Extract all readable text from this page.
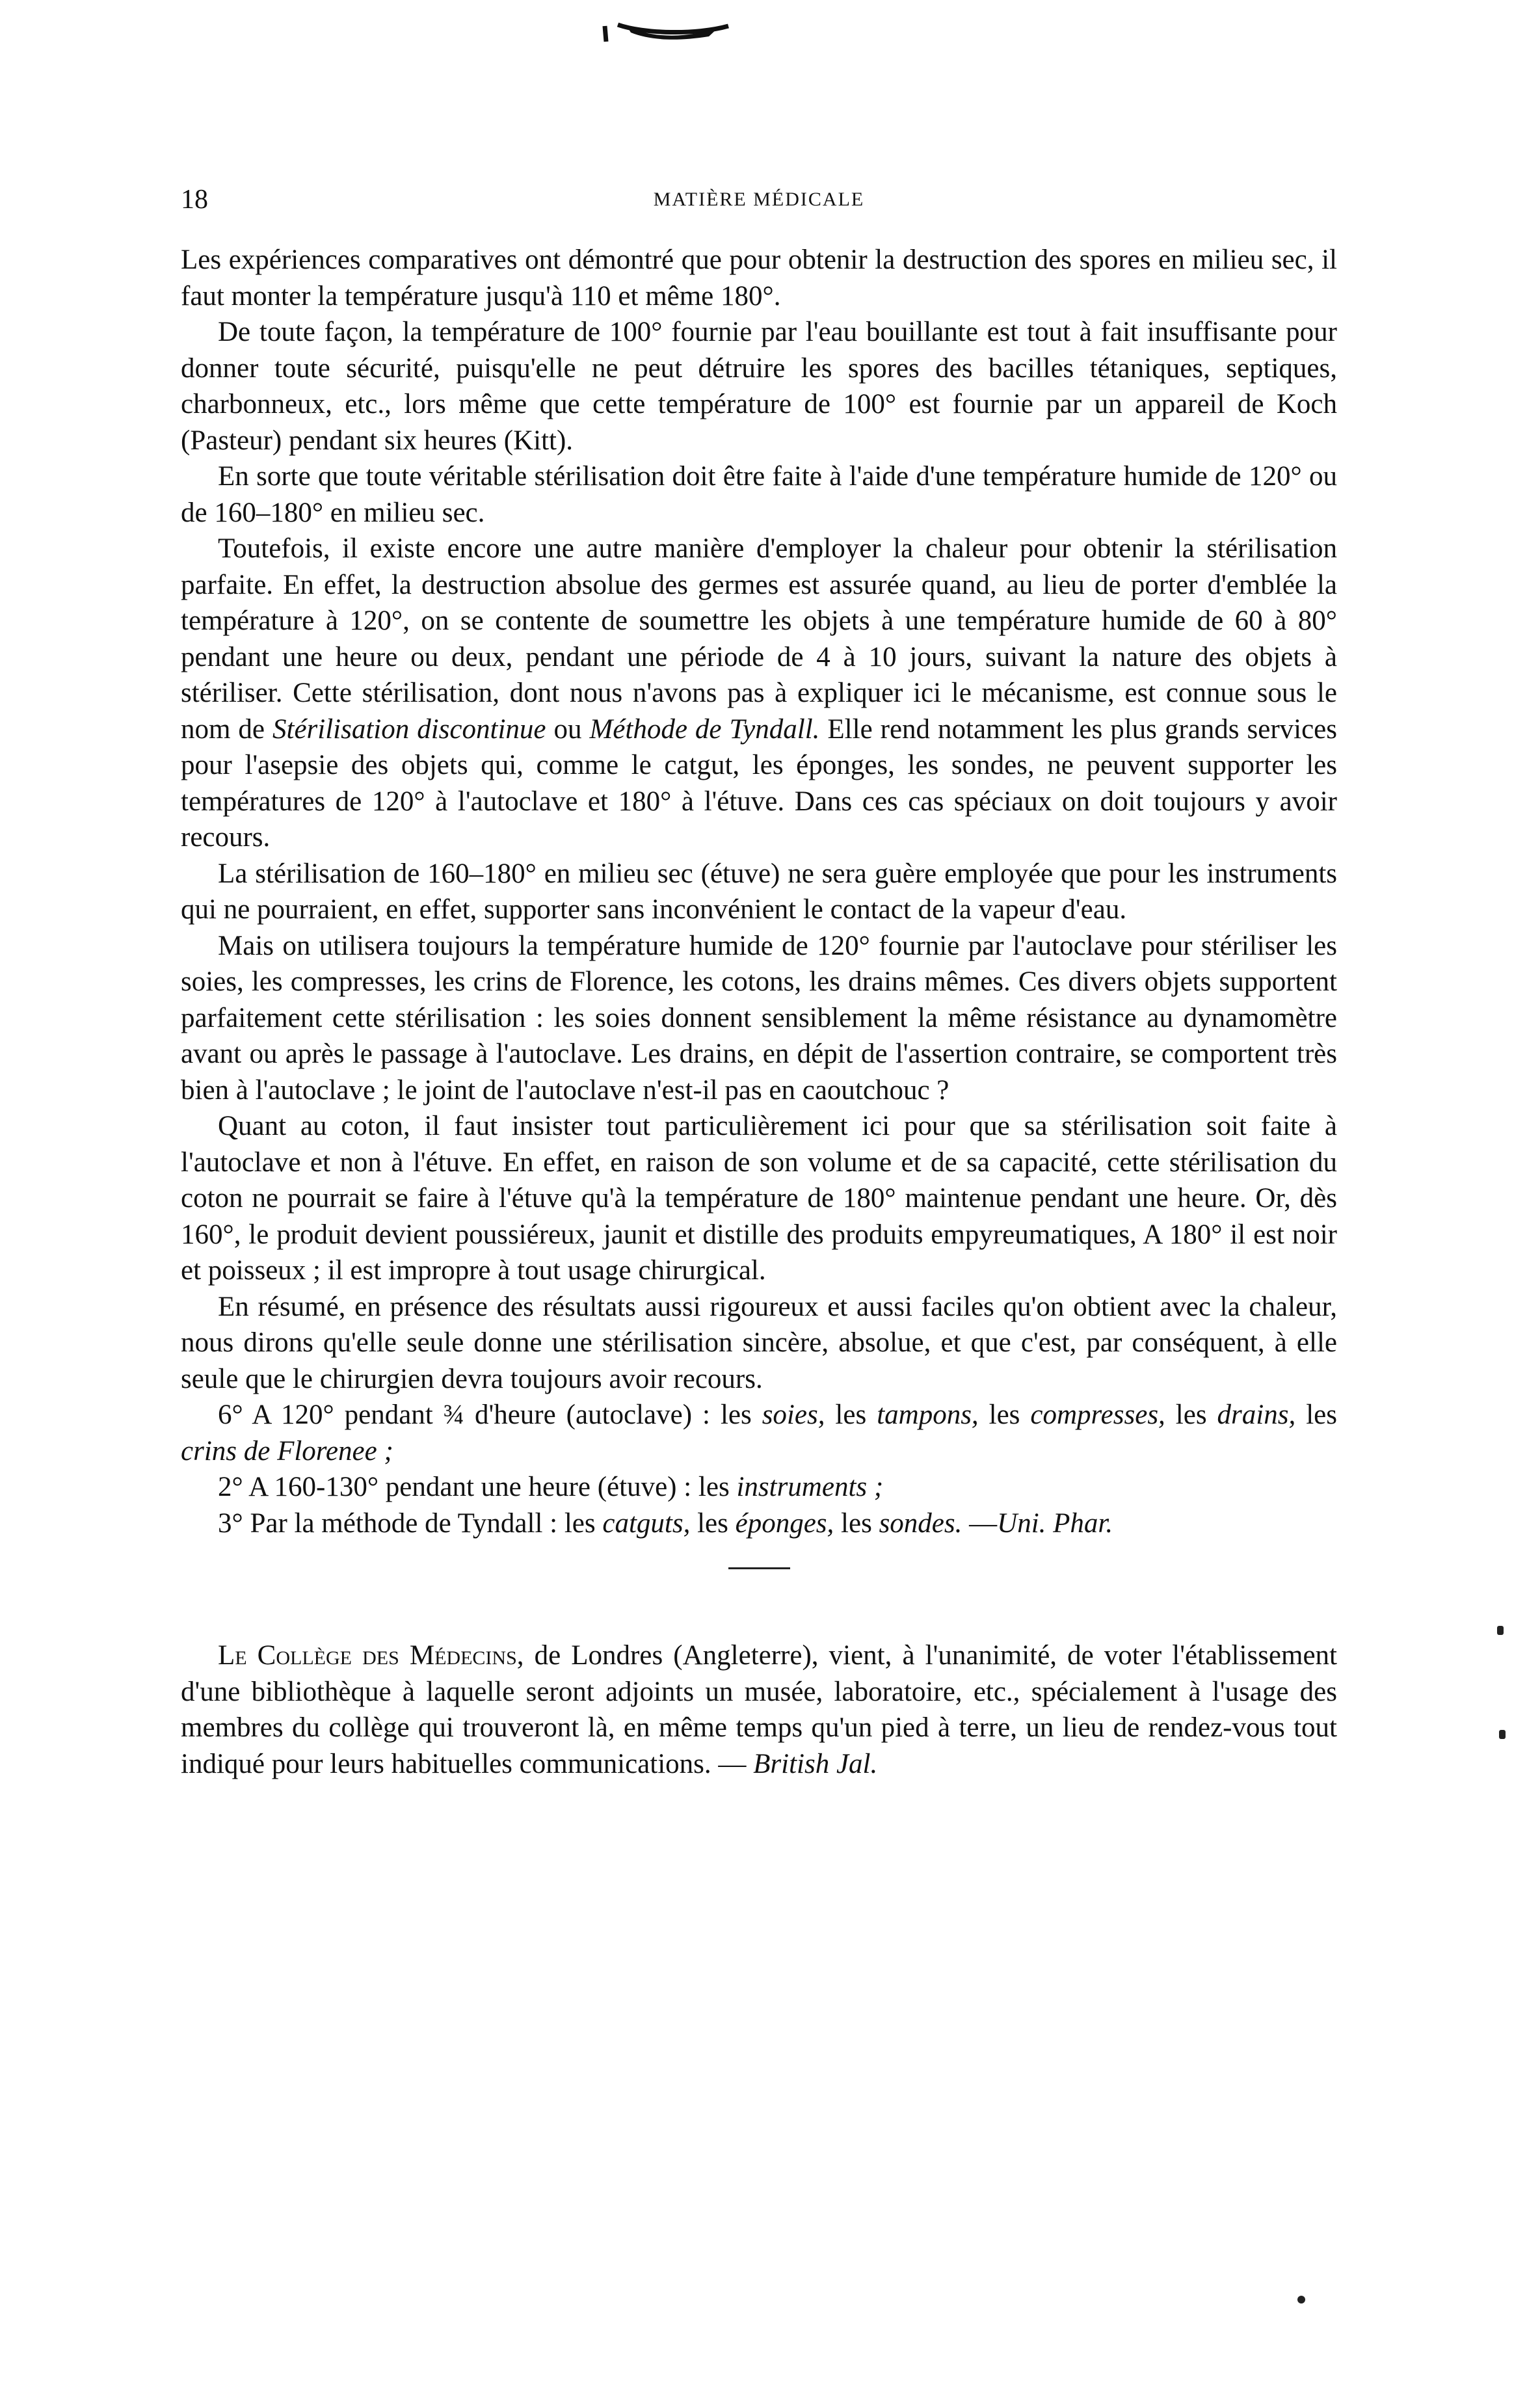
18	MATIÈRE MÉDICALE

Les expériences comparatives ont démontré que pour obtenir la destruction des spores en milieu sec, il faut monter la température jusqu'à 110 et même 180°.

De toute façon, la température de 100° fournie par l'eau bouillante est tout à fait insuffisante pour donner toute sécurité, puisqu'elle ne peut détruire les spores des bacilles tétaniques, septiques, charbonneux, etc., lors même que cette température de 100° est fournie par un appareil de Koch (Pasteur) pendant six heures (Kitt).

En sorte que toute véritable stérilisation doit être faite à l'aide d'une température humide de 120° ou de 160–180° en milieu sec.

Toutefois, il existe encore une autre manière d'employer la chaleur pour obtenir la stérilisation parfaite. En effet, la destruction absolue des germes est assurée quand, au lieu de porter d'emblée la température à 120°, on se contente de soumettre les objets à une température humide de 60 à 80° pendant une heure ou deux, pendant une période de 4 à 10 jours, suivant la nature des objets à stériliser. Cette stérilisation, dont nous n'avons pas à expliquer ici le mécanisme, est connue sous le nom de Stérilisation discontinue ou Méthode de Tyndall. Elle rend notamment les plus grands services pour l'asepsie des objets qui, comme le catgut, les éponges, les sondes, ne peuvent supporter les températures de 120° à l'autoclave et 180° à l'étuve. Dans ces cas spéciaux on doit toujours y avoir recours.

La stérilisation de 160–180° en milieu sec (étuve) ne sera guère employée que pour les instruments qui ne pourraient, en effet, supporter sans inconvénient le contact de la vapeur d'eau.

Mais on utilisera toujours la température humide de 120° fournie par l'autoclave pour stériliser les soies, les compresses, les crins de Florence, les cotons, les drains mêmes. Ces divers objets supportent parfaitement cette stérilisation : les soies donnent sensiblement la même résistance au dynamomètre avant ou après le passage à l'autoclave. Les drains, en dépit de l'assertion contraire, se comportent très bien à l'autoclave ; le joint de l'autoclave n'est-il pas en caoutchouc ?

Quant au coton, il faut insister tout particulièrement ici pour que sa stérilisation soit faite à l'autoclave et non à l'étuve. En effet, en raison de son volume et de sa capacité, cette stérilisation du coton ne pourrait se faire à l'étuve qu'à la température de 180° maintenue pendant une heure. Or, dès 160°, le produit devient poussiéreux, jaunit et distille des produits empyreumatiques, A 180° il est noir et poisseux ; il est impropre à tout usage chirurgical.

En résumé, en présence des résultats aussi rigoureux et aussi faciles qu'on obtient avec la chaleur, nous dirons qu'elle seule donne une stérilisation sincère, absolue, et que c'est, par conséquent, à elle seule que le chirurgien devra toujours avoir recours.

6° A 120° pendant ¾ d'heure (autoclave) : les soies, les tampons, les compresses, les drains, les crins de Florenee ;

2° A 160-130° pendant une heure (étuve) : les instruments ;

3° Par la méthode de Tyndall : les catguts, les éponges, les sondes. —Uni. Phar.

Le Collège des Médecins, de Londres (Angleterre), vient, à l'unanimité, de voter l'établissement d'une bibliothèque à laquelle seront adjoints un musée, laboratoire, etc., spécialement à l'usage des membres du collège qui trouveront là, en même temps qu'un pied à terre, un lieu de rendez-vous tout indiqué pour leurs habituelles communications. — British Jal.
